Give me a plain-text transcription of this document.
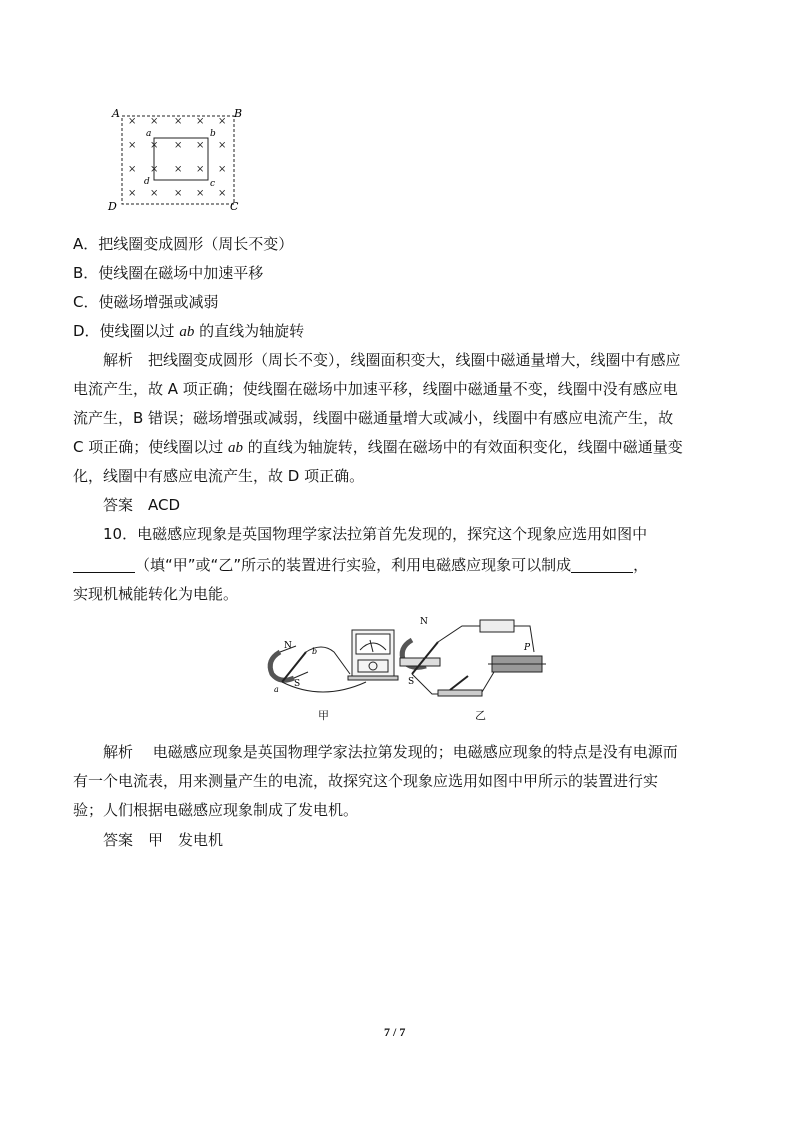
× × × × ×
× × × × ×
× × × × ×
× × × × ×
A	B
C
D
a	b
c
d
A．把线圈变成圆形（周长不变）
B．使线圈在磁场中加速平移
C．使磁场增强或减弱
D．使线圈以过 ab 的直线为轴旋转
解析　把线圈变成圆形（周长不变），线圈面积变大，线圈中磁通量增大，线圈中有感应
电流产生，故 A 项正确；使线圈在磁场中加速平移，线圈中磁通量不变，线圈中没有感应电
流产生，B 错误；磁场增强或减弱，线圈中磁通量增大或减小，线圈中有感应电流产生，故
C 项正确；使线圈以过 ab 的直线为轴旋转，线圈在磁场中的有效面积变化，线圈中磁通量变
化，线圈中有感应电流产生，故 D 项正确。
答案　ACD
10．电磁感应现象是英国物理学家法拉第首先发现的，探究这个现象应选用如图中
（填“甲”或“乙”所示的装置进行实验，利用电磁感应现象可以制成	，
实现机械能转化为电能。
N
S
a
b
N
S
P
甲	乙
解析　 电磁感应现象是英国物理学家法拉第发现的；电磁感应现象的特点是没有电源而
有一个电流表，用来测量产生的电流，故探究这个现象应选用如图中甲所示的装置进行实
验；人们根据电磁感应现象制成了发电机。
答案　甲　发电机
7 / 7
